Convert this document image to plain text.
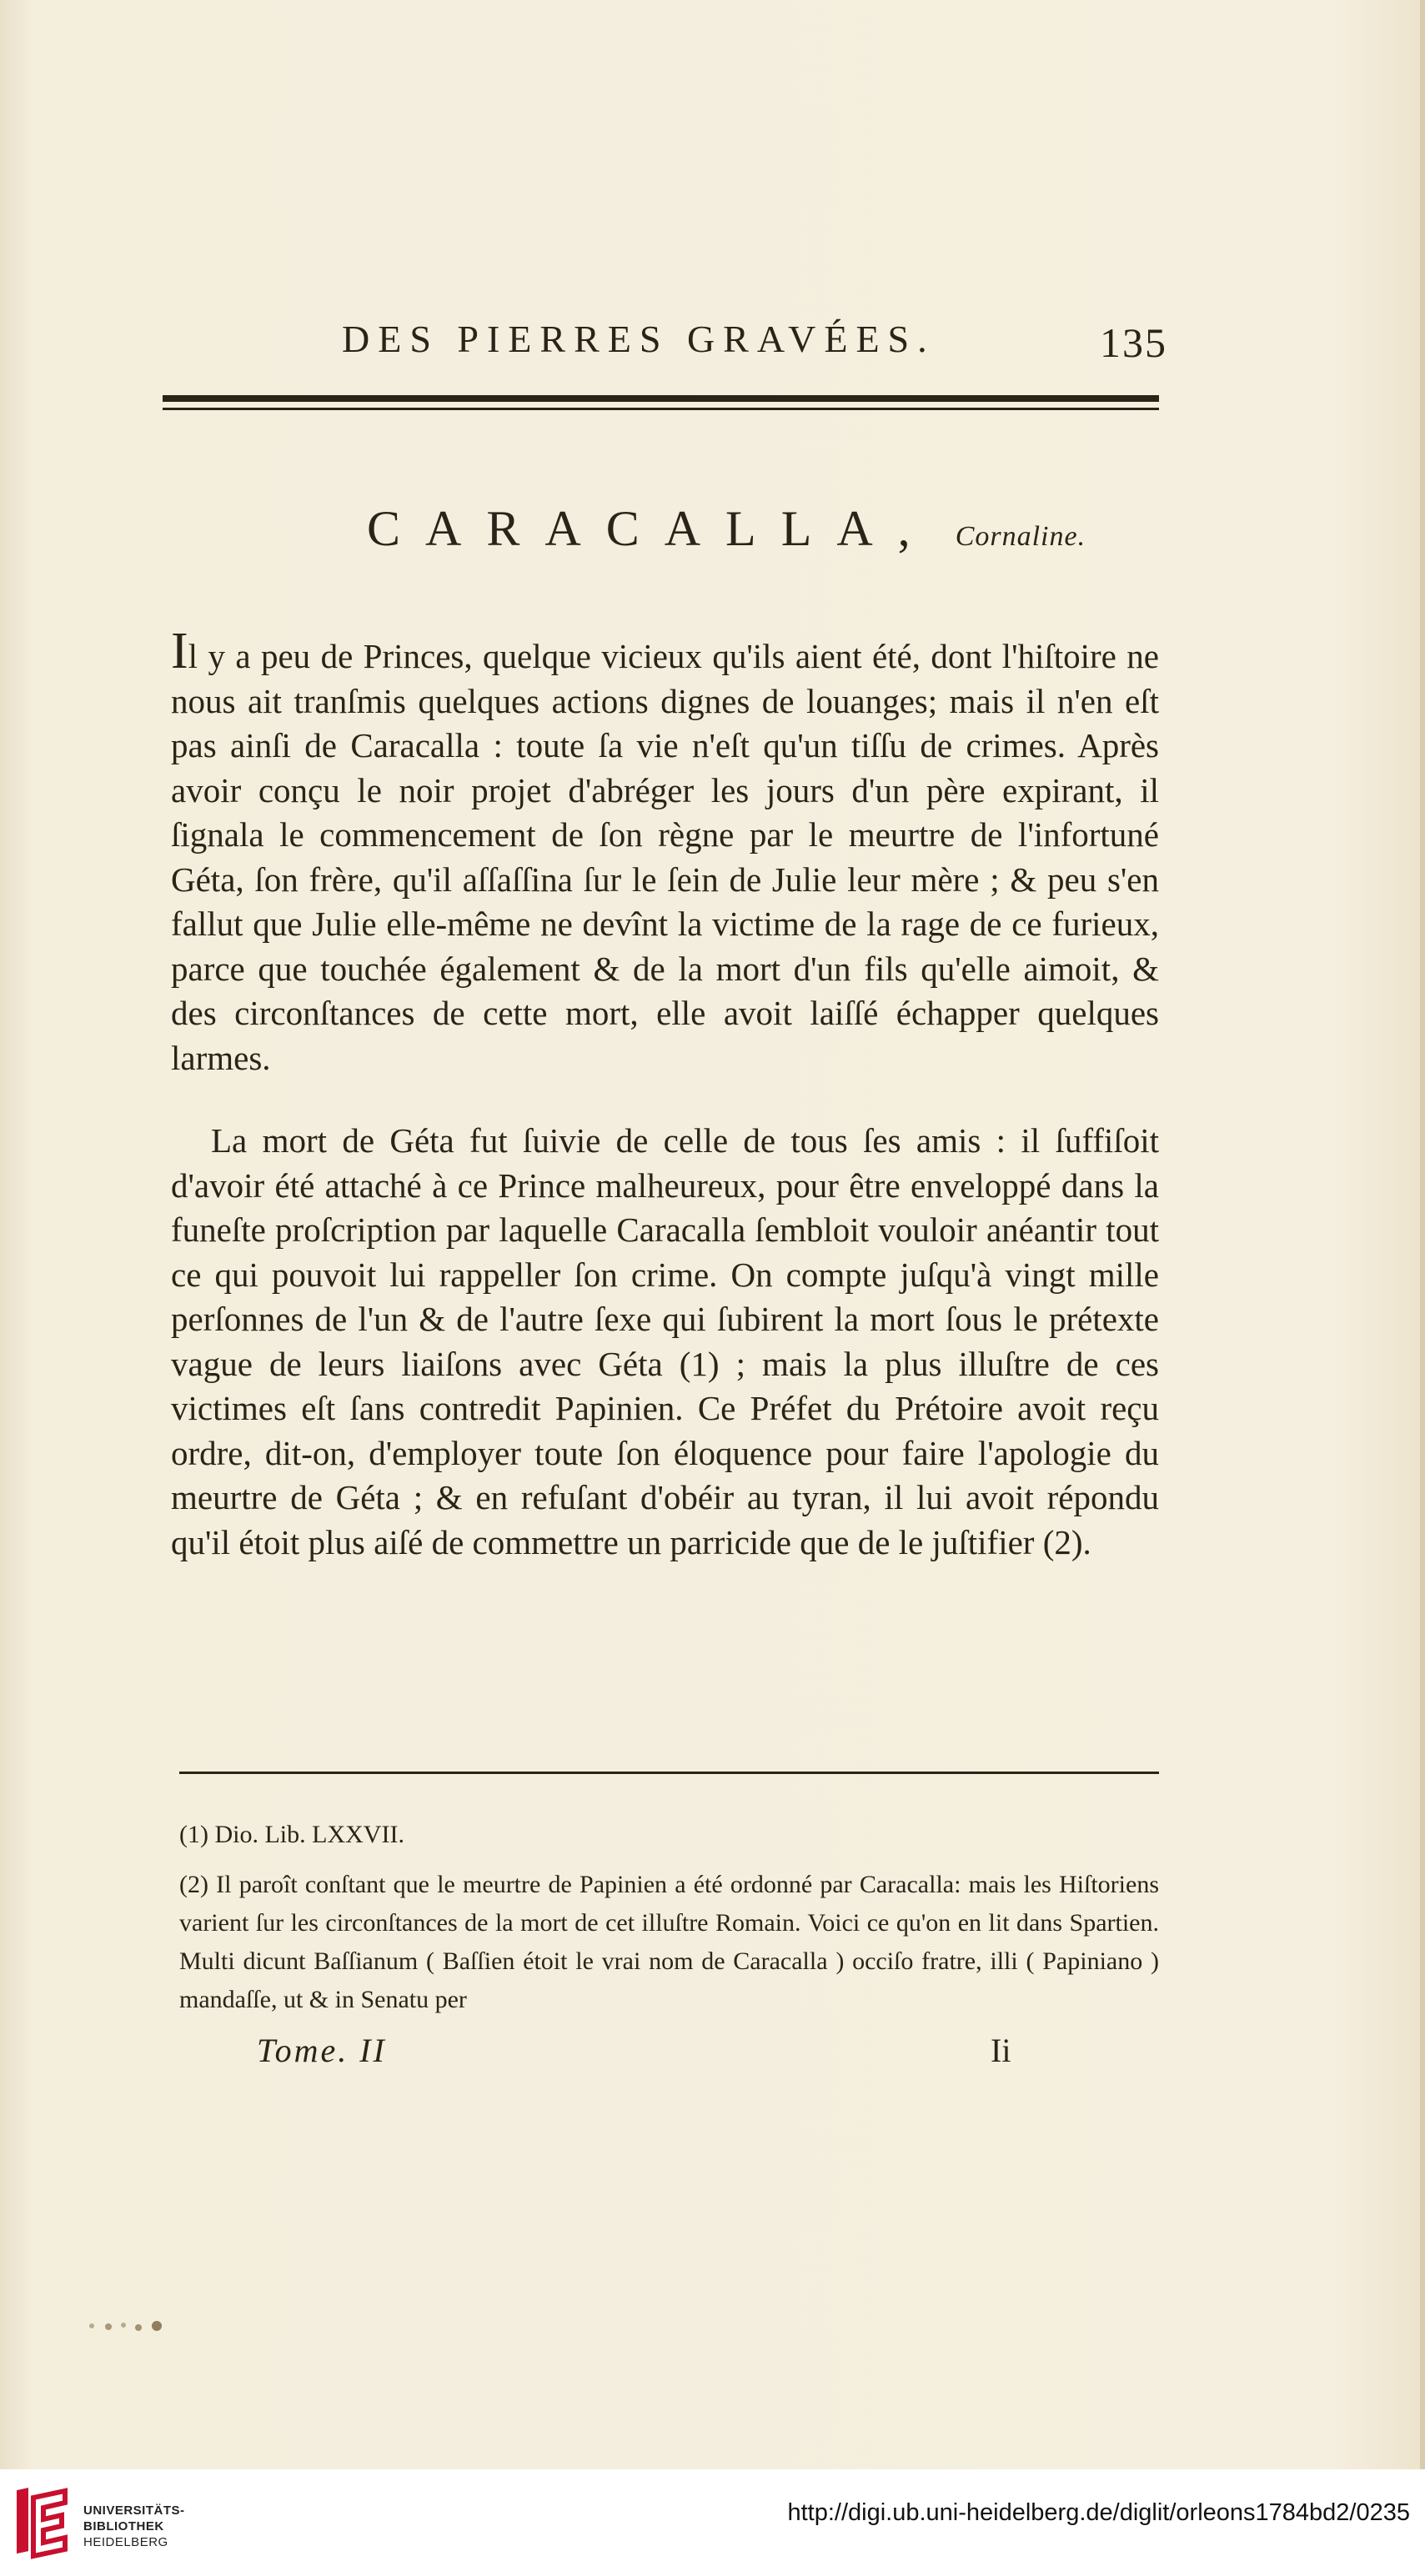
DES PIERRES GRAVÉES.	135
CARACALLA, Cornaline.

Il y a peu de Princes, quelque vicieux qu'ils aient été, dont l'hiſtoire ne nous ait tranſmis quelques actions dignes de louanges; mais il n'en eſt pas ainſi de Caracalla : toute ſa vie n'eſt qu'un tiſſu de crimes. Après avoir conçu le noir projet d'abréger les jours d'un père expirant, il ſignala le commencement de ſon règne par le meurtre de l'infortuné Géta, ſon frère, qu'il aſſaſſina ſur le ſein de Julie leur mère ; & peu s'en fallut que Julie elle-même ne devînt la victime de la rage de ce furieux, parce que touchée également & de la mort d'un fils qu'elle aimoit, & des circonſtances de cette mort, elle avoit laiſſé échapper quelques larmes.

La mort de Géta fut ſuivie de celle de tous ſes amis : il ſuffiſoit d'avoir été attaché à ce Prince malheureux, pour être enveloppé dans la funeſte proſcription par laquelle Caracalla ſembloit vouloir anéantir tout ce qui pouvoit lui rappeller ſon crime. On compte juſqu'à vingt mille perſonnes de l'un & de l'autre ſexe qui ſubirent la mort ſous le prétexte vague de leurs liaiſons avec Géta (1) ; mais la plus illuſtre de ces victimes eſt ſans contredit Papinien. Ce Préfet du Prétoire avoit reçu ordre, dit-on, d'employer toute ſon éloquence pour faire l'apologie du meurtre de Géta ; & en refuſant d'obéir au tyran, il lui avoit répondu qu'il étoit plus aiſé de commettre un parricide que de le juſtifier (2).

(1) Dio. Lib. LXXVII.

(2) Il paroît conſtant que le meurtre de Papinien a été ordonné par Caracalla: mais les Hiſtoriens varient ſur les circonſtances de la mort de cet illuſtre Romain. Voici ce qu'on en lit dans Spartien. Multi dicunt Baſſianum ( Baſſien étoit le vrai nom de Caracalla ) occiſo fratre, illi ( Papiniano ) mandaſſe, ut & in Senatu per

Tome. II	Ii
UNIVERSITÄTS-
BIBLIOTHEK
HEIDELBERG
http://digi.ub.uni-heidelberg.de/diglit/orleons1784bd2/0235
